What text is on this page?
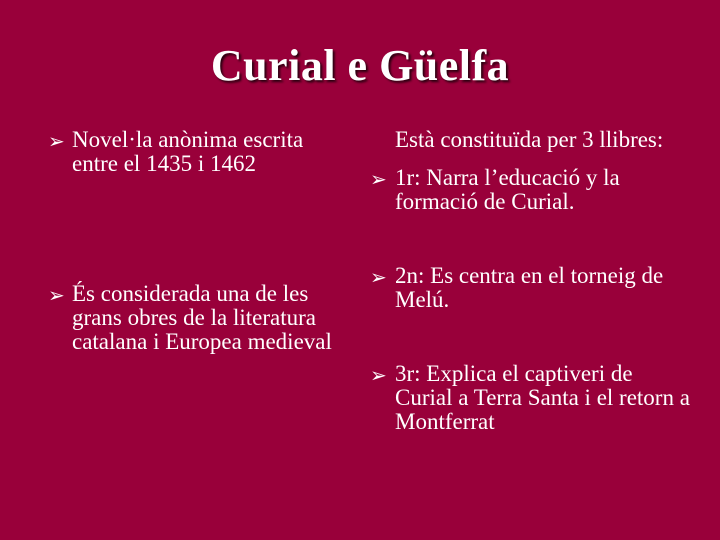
Curial e Güelfa
➢ Novel·la anònima escrita entre el 1435 i 1462
➢ És considerada una de les grans obres de la literatura catalana i Europea medieval
Està constituïda per 3 llibres:
➢ 1r: Narra l’educació y la formació de Curial.
➢ 2n: Es centra en el torneig de Melú.
➢ 3r: Explica el captiveri de Curial a Terra Santa i el retorn a Montferrat
